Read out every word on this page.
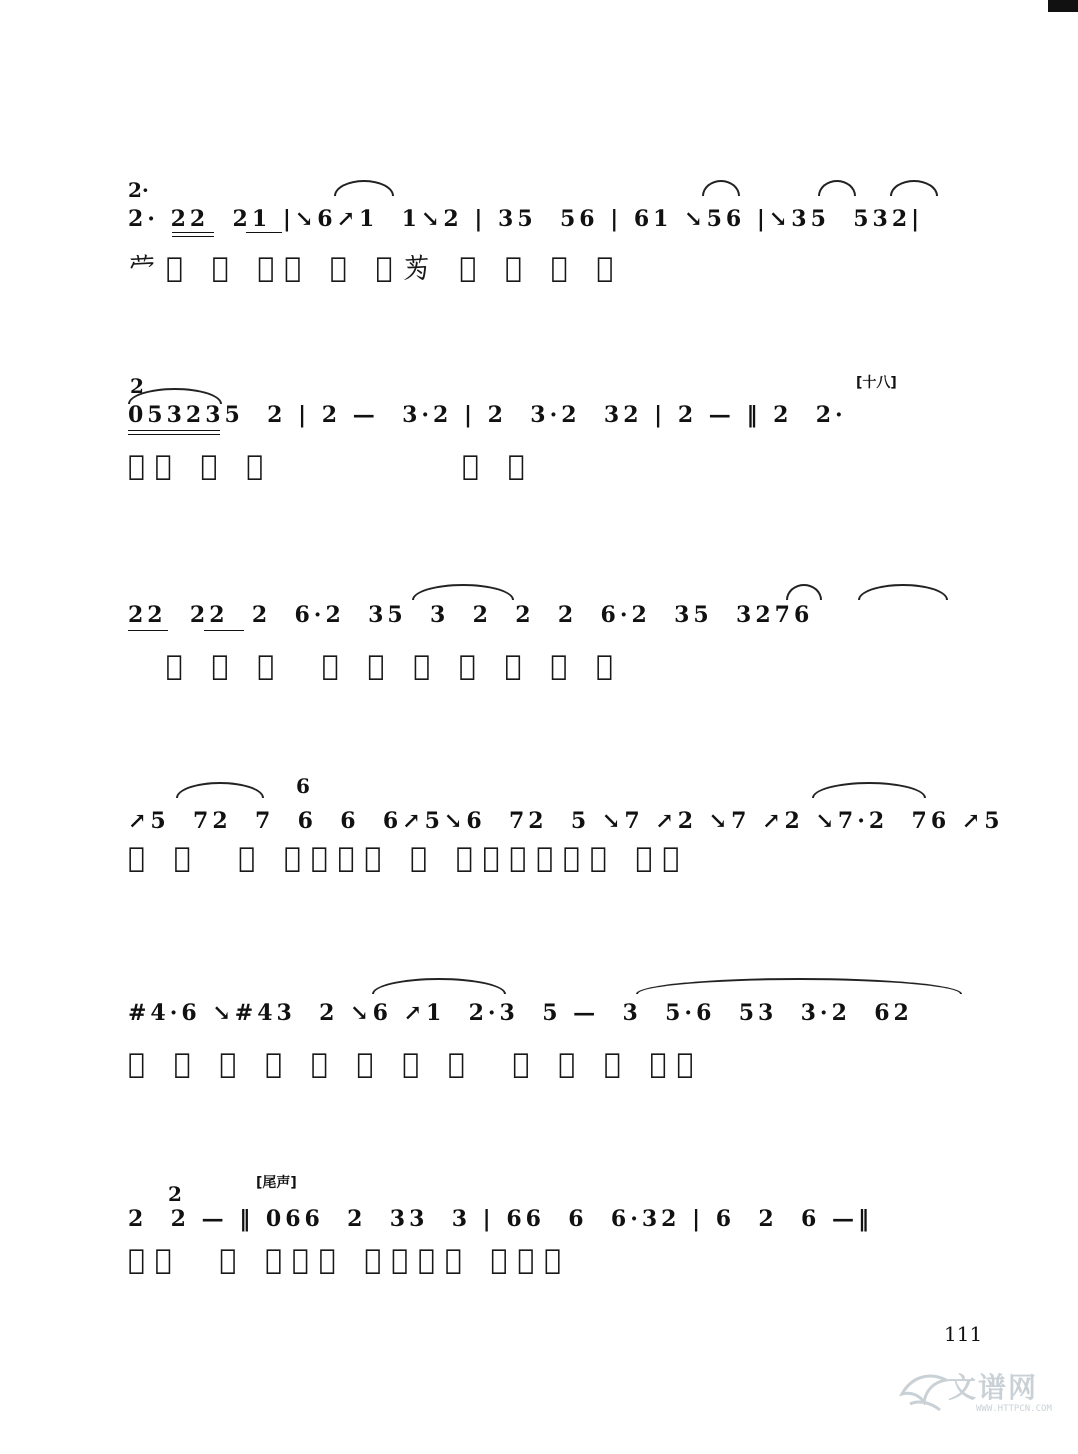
2·
2· 22  21 |↘6↗1  1↘2 | 35  56 | 61 ↘56 |↘35  532|
𫇦𫇧 𫇨 𫇩𫇪 𫇫 𫇬𫇭 𫇮 𫇯 𫇰 𫇱
2	[十八]
053235  2 | 2 —  3·2 | 2  3·2  32 | 2 — ‖ 2  2·
𫇲𫇳 𫇴 𫇵          𫇶 𫇷
22  22  2  6·2  35  3  2  2  2  6·2  35  3276
𫇶 𫇸 𫇹  𫇺 𫇻 𫇶 𫇸 𫇹 𫇶 𫇼
6
↗5  72  7  6  6  6↗5↘6  72  5 ↘7 ↗2 ↘7 ↗2 ↘7·2  76 ↗5
𫇸 𫇽  𫇹 𫇾𫇿𫈀𫇸 𫇬 𫈁𫈂𫈃𫈂𫈃𫈄 𫇼𫈅
#4·6 ↘#43  2 ↘6 ↗1  2·3  5 —  3  5·6  53  3·2  62
𫈆 𫇪 𫈇 𫈈 𫇸 𫈉 𫈊 𫈋  𫈌 𫈍 𫈎 𫈏𫈐
2	[尾声]
2  2 — ‖ 066  2  33  3 | 66  6  6·32 | 6  2  6 —‖
𫈑𫈒  𫈓 𫈔𫈕𫈖 𫈗𫈘𫈙𫈚 𫈌𫈛𫈜
111
文谱网
WWW.HTTPCN.COM
